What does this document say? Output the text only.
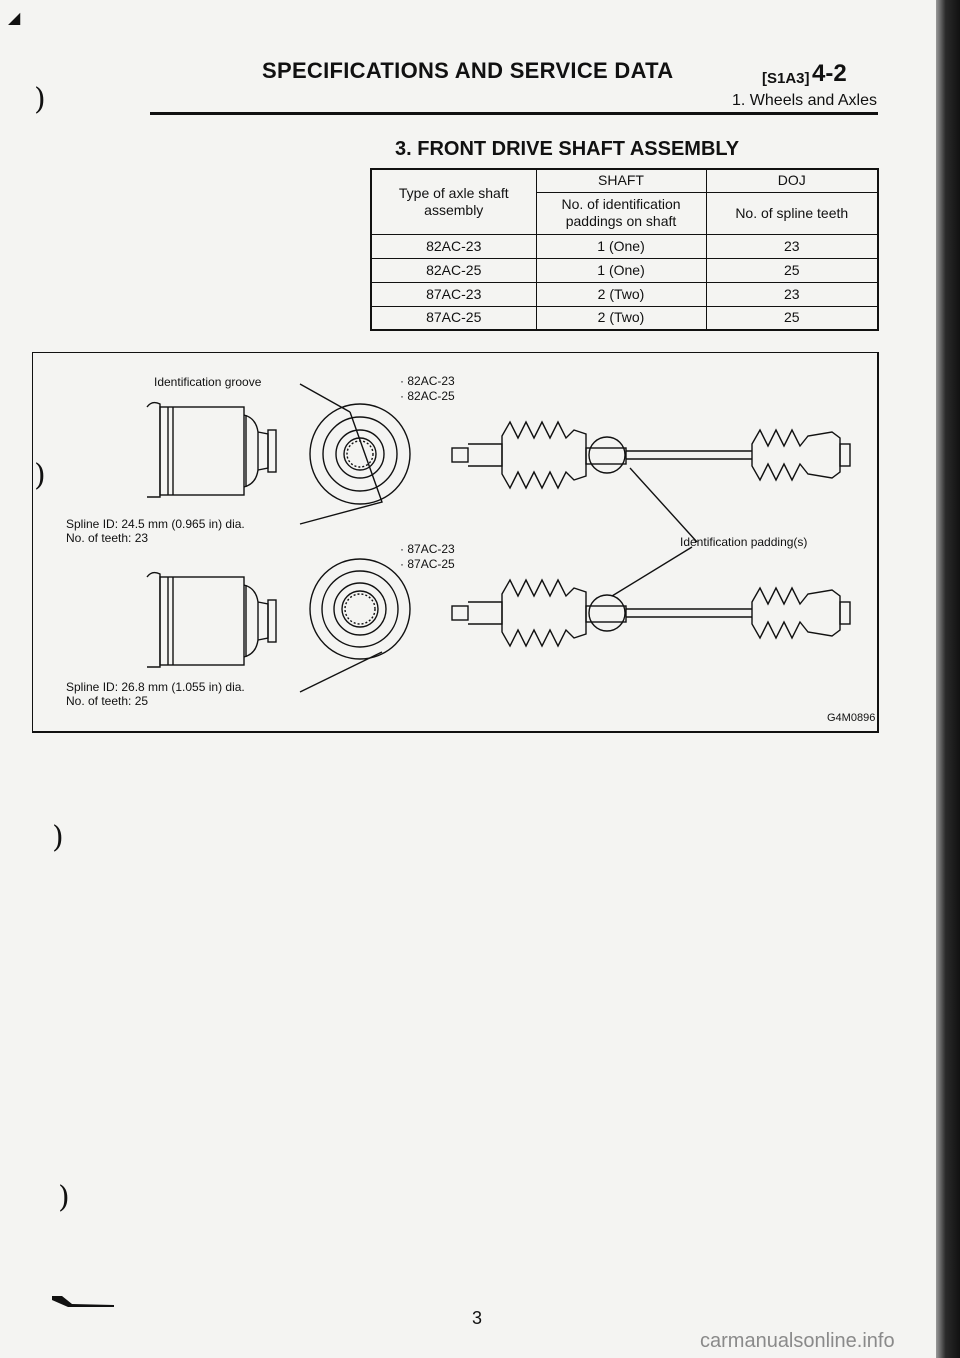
◢
)
)
)
)
SPECIFICATIONS AND SERVICE DATA	[S1A3] 4-2
1. Wheels and Axles
3. FRONT DRIVE SHAFT ASSEMBLY
Type of axle shaft assembly	SHAFT	DOJ
	No. of identification paddings on shaft	No. of spline teeth
82AC-23	1 (One)	23
82AC-25	1 (One)	25
87AC-23	2 (Two)	23
87AC-25	2 (Two)	25
Identification groove
Spline ID: 24.5 mm (0.965 in) dia.
No. of teeth: 23
Spline ID: 26.8 mm (1.055 in) dia.
No. of teeth: 25
· 82AC-23
· 82AC-25
· 87AC-23
· 87AC-25
Identification padding(s)
G4M0896
3
carmanualsonline.info
